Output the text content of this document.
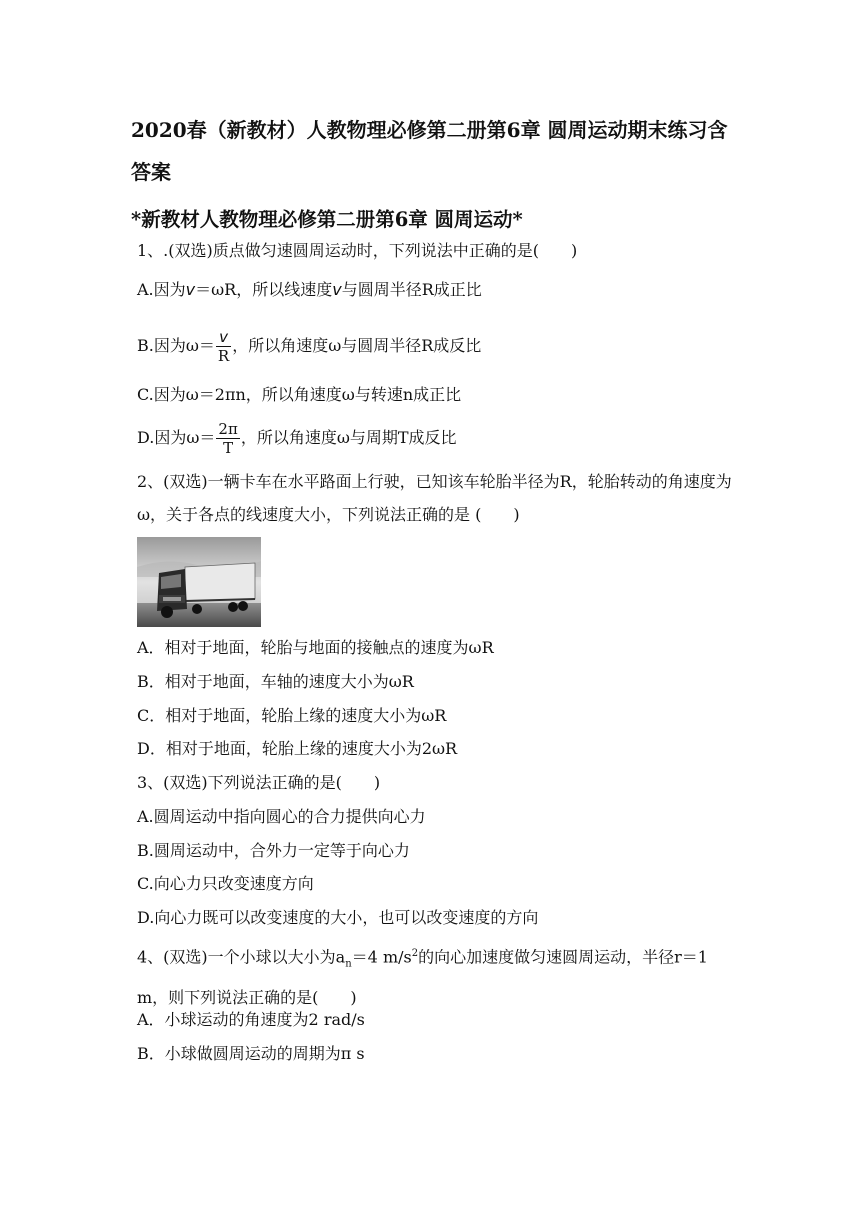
2020春（新教材）人教物理必修第二册第6章 圆周运动期末练习含
答案
*新教材人教物理必修第二册第6章 圆周运动*
1、.(双选)质点做匀速圆周运动时，下列说法中正确的是(　　)
A.因为v＝ωR，所以线速度v与圆周半径R成正比
B.因为$\omega= \frac{v}{R}$ ，所以角速度ω与圆周半径R成反比
C.因为ω＝2πn，所以角速度ω与转速n成正比
D.因为$\omega= \frac{2\pi}{T}$ ，所以角速度ω与周期T成反比
2、(双选)一辆卡车在水平路面上行驶，已知该车轮胎半径为R，轮胎转动的角速度为ω，关于各点的线速度大小，下列说法正确的是 (　　)
A．相对于地面，轮胎与地面的接触点的速度为ωR
B．相对于地面，车轴的速度大小为ωR
C．相对于地面，轮胎上缘的速度大小为ωR
D．相对于地面，轮胎上缘的速度大小为2ωR
3、(双选)下列说法正确的是(　　)
A.圆周运动中指向圆心的合力提供向心力
B.圆周运动中，合外力一定等于向心力
C.向心力只改变速度方向
D.向心力既可以改变速度的大小，也可以改变速度的方向
4、(双选)一个小球以大小为$a_n=4$ $m/s^2$的向心加速度做匀速圆周运动，半径r＝1 m，则下列说法正确的是(　　)
A．小球运动的角速度为2 rad/s
B．小球做圆周运动的周期为π s
